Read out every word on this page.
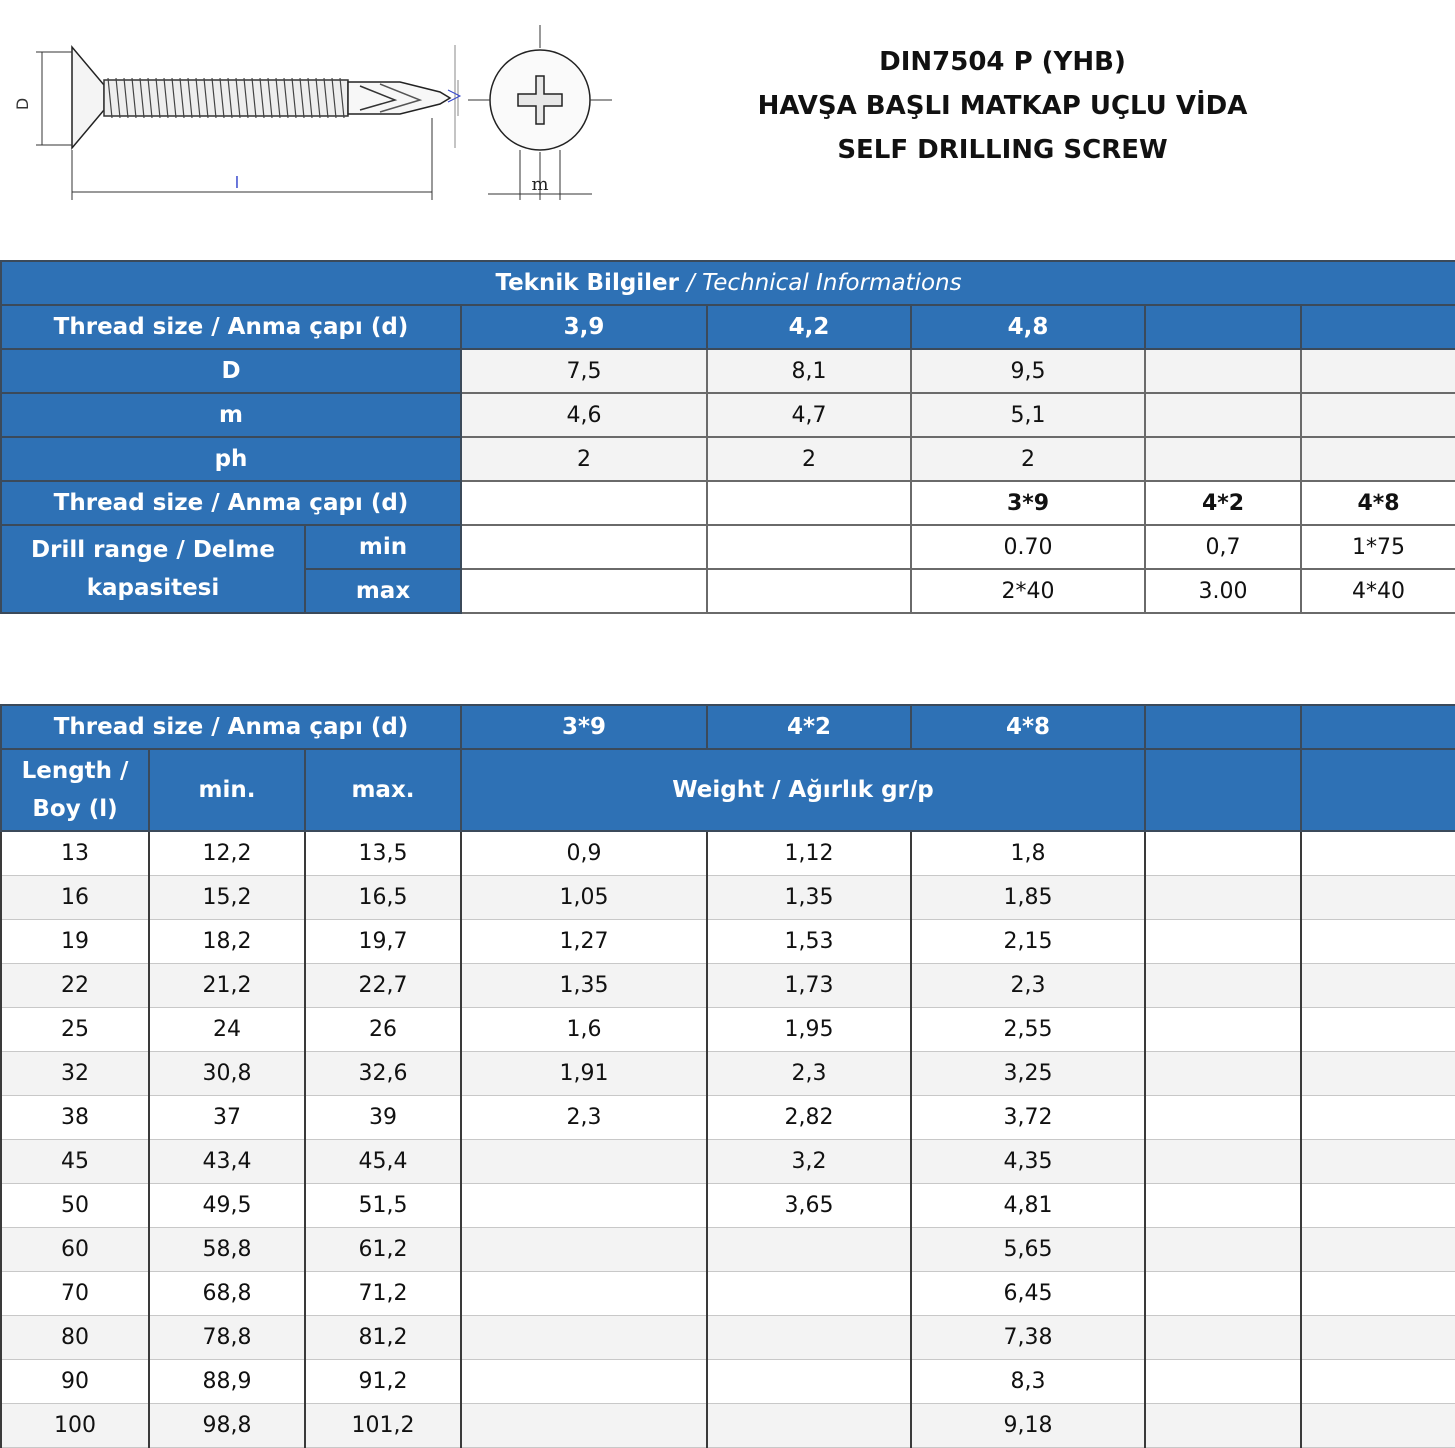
D
l	m
DIN7504 P (YHB)
HAVŞA BAŞLI MATKAP UÇLU VİDA
SELF DRILLING SCREW
Teknik Bilgiler / Technical Informations						
Thread size / Anma çapı (d)		3,9	4,2	4,8		
D		7,5	8,1	9,5		
m		4,6	4,7	5,1		
ph		2	2	2		
Thread size / Anma çapı (d)				3*9	4*2	4*8
Drill range / Delme kapasitesi	min			0.70	0,7	1*75
	max			2*40	3.00	4*40
Thread size / Anma çapı (d)			3*9	4*2	4*8		
Length / Boy (l)	min.	max.	Weight / Ağırlık gr/p				
13	12,2	13,5	0,9	1,12	1,8		
16	15,2	16,5	1,05	1,35	1,85		
19	18,2	19,7	1,27	1,53	2,15		
22	21,2	22,7	1,35	1,73	2,3		
25	24	26	1,6	1,95	2,55		
32	30,8	32,6	1,91	2,3	3,25		
38	37	39	2,3	2,82	3,72		
45	43,4	45,4		3,2	4,35		
50	49,5	51,5		3,65	4,81		
60	58,8	61,2			5,65		
70	68,8	71,2			6,45		
80	78,8	81,2			7,38		
90	88,9	91,2			8,3		
100	98,8	101,2			9,18		
